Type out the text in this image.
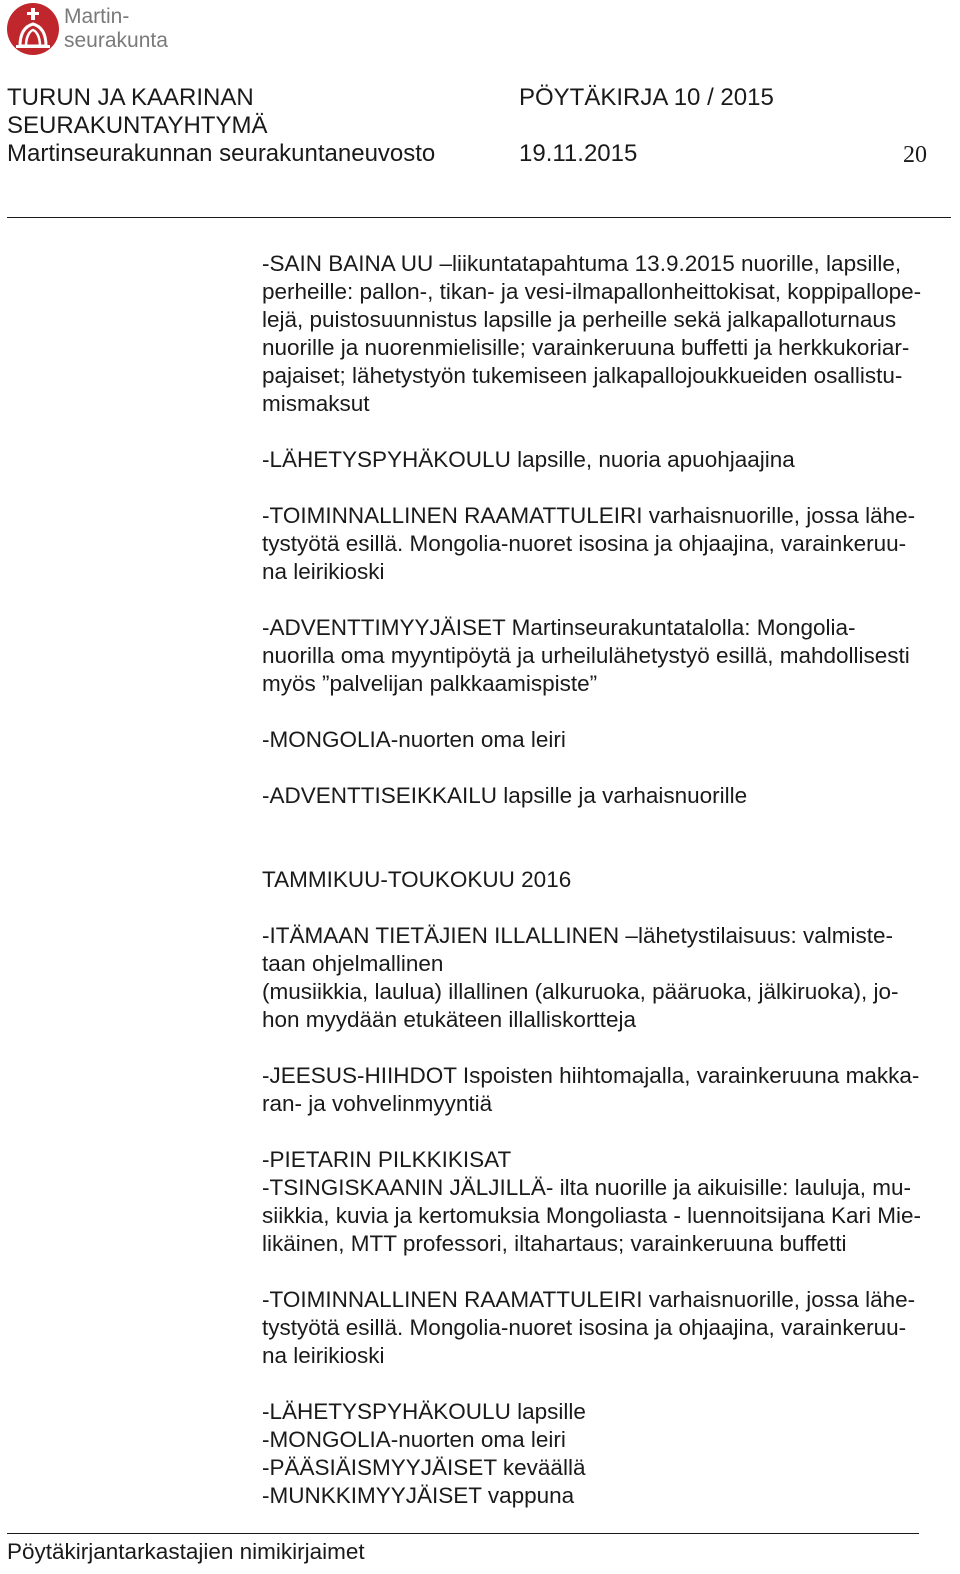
Martin-
seurakunta
TURUN JA KAARINAN
SEURAKUNTAYHTYMÄ
Martinseurakunnan seurakuntaneuvosto
PÖYTÄKIRJA 10 / 2015
19.11.2015	20

-SAIN BAINA UU –liikuntatapahtuma 13.9.2015 nuorille, lapsille,
perheille: pallon-, tikan- ja vesi-ilmapallonheittokisat, koppipallope-
lejä, puistosuunnistus lapsille ja perheille sekä jalkapalloturnaus
nuorille ja nuorenmielisille; varainkeruuna buffetti ja herkkukoriar-
pajaiset; lähetystyön tukemiseen jalkapallojoukkueiden osallistu-
mismaksut

-LÄHETYSPYHÄKOULU lapsille, nuoria apuohjaajina

-TOIMINNALLINEN RAAMATTULEIRI varhaisnuorille, jossa lähe-
tystyötä esillä. Mongolia-nuoret isosina ja ohjaajina, varainkeruu-
na leirikioski

-ADVENTTIMYYJÄISET Martinseurakuntatalolla: Mongolia-
nuorilla oma myyntipöytä ja urheilulähetystyö esillä, mahdollisesti
myös ”palvelijan palkkaamispiste”

-MONGOLIA-nuorten oma leiri

-ADVENTTISEIKKAILU lapsille ja varhaisnuorille

TAMMIKUU-TOUKOKUU 2016

-ITÄMAAN TIETÄJIEN ILLALLINEN –lähetystilaisuus: valmiste-
taan ohjelmallinen
(musiikkia, laulua) illallinen (alkuruoka, pääruoka, jälkiruoka), jo-
hon myydään etukäteen illalliskortteja

-JEESUS-HIIHDOT Ispoisten hiihtomajalla, varainkeruuna makka-
ran- ja vohvelinmyyntiä

-PIETARIN PILKKIKISAT
-TSINGISKAANIN JÄLJILLÄ- ilta nuorille ja aikuisille: lauluja, mu-
siikkia, kuvia ja kertomuksia Mongoliasta - luennoitsijana Kari Mie-
likäinen, MTT professori, iltahartaus; varainkeruuna buffetti

-TOIMINNALLINEN RAAMATTULEIRI varhaisnuorille, jossa lähe-
tystyötä esillä. Mongolia-nuoret isosina ja ohjaajina, varainkeruu-
na leirikioski

-LÄHETYSPYHÄKOULU lapsille
-MONGOLIA-nuorten oma leiri
-PÄÄSIÄISMYYJÄISET keväällä
-MUNKKIMYYJÄISET vappuna

Pöytäkirjantarkastajien nimikirjaimet
